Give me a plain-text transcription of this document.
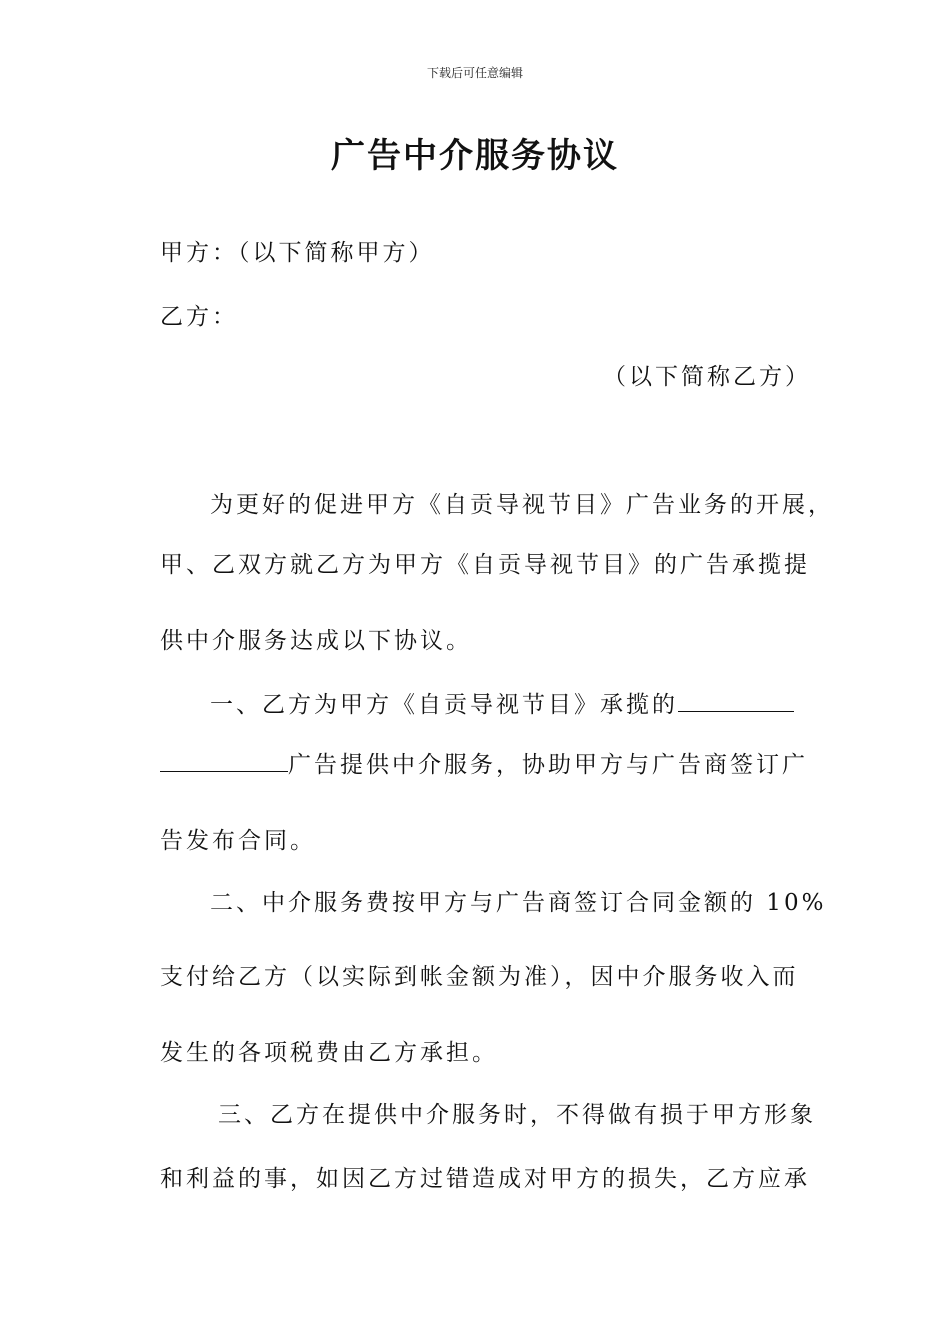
下载后可任意编辑
广告中介服务协议
甲方：（以下简称甲方）
乙方：
（以下简称乙方）
为更好的促进甲方《自贡导视节目》广告业务的开展，
甲、乙双方就乙方为甲方《自贡导视节目》的广告承揽提
供中介服务达成以下协议。
一、乙方为甲方《自贡导视节目》承揽的
广告提供中介服务，协助甲方与广告商签订广
告发布合同。
二、中介服务费按甲方与广告商签订合同金额的 10%
支付给乙方（以实际到帐金额为准），因中介服务收入而
发生的各项税费由乙方承担。
三、乙方在提供中介服务时，不得做有损于甲方形象
和利益的事，如因乙方过错造成对甲方的损失，乙方应承
